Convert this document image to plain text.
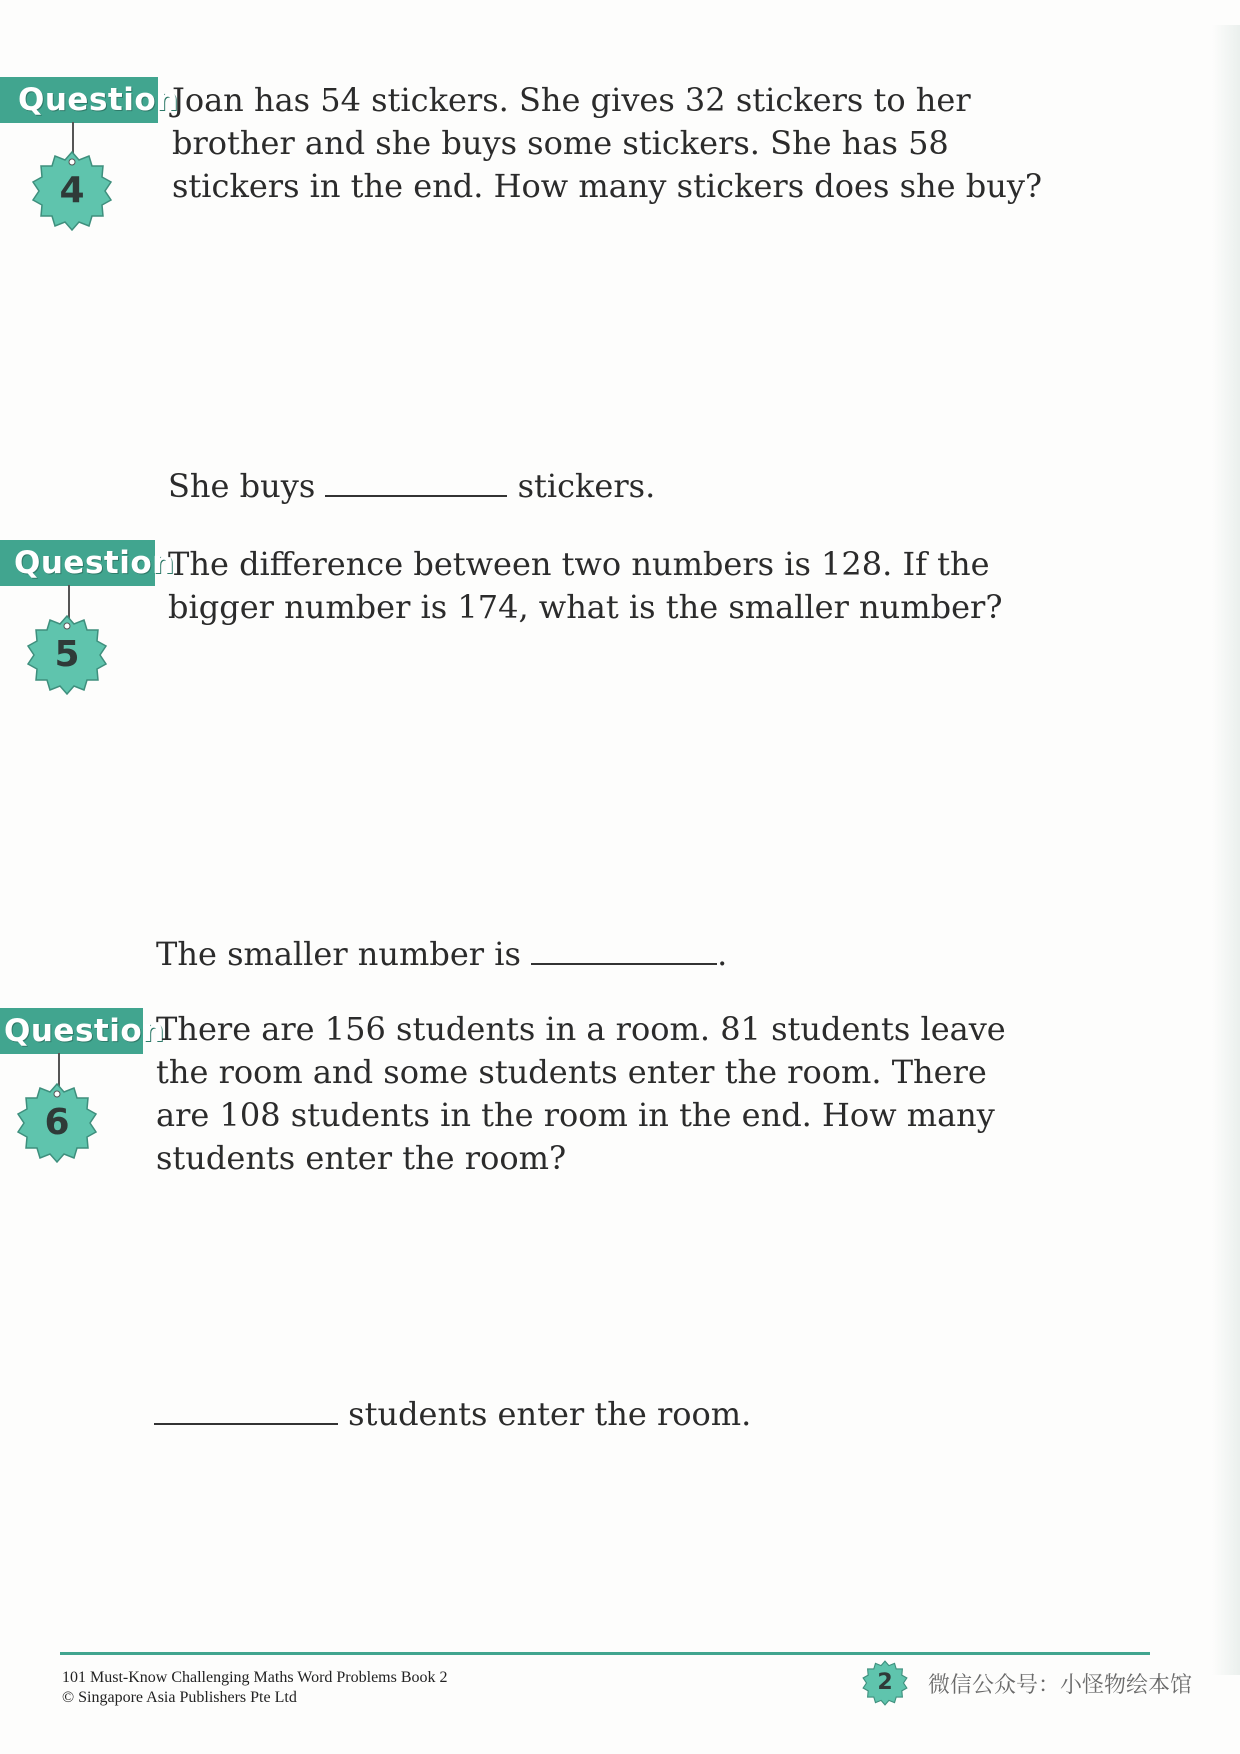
Question
4
Joan has 54 stickers. She gives 32 stickers to her brother and she buys some stickers. She has 58 stickers in the end. How many stickers does she buy?
She buys	stickers.
Question
5
The difference between two numbers is 128. If the bigger number is 174, what is the smaller number?
The smaller number is	.
Question
6
There are 156 students in a room. 81 students leave the room and some students enter the room. There are 108 students in the room in the end. How many students enter the room?
students enter the room.
101 Must-Know Challenging Maths Word Problems Book 2
© Singapore Asia Publishers Pte Ltd
2	微信公众号：小怪物绘本馆
